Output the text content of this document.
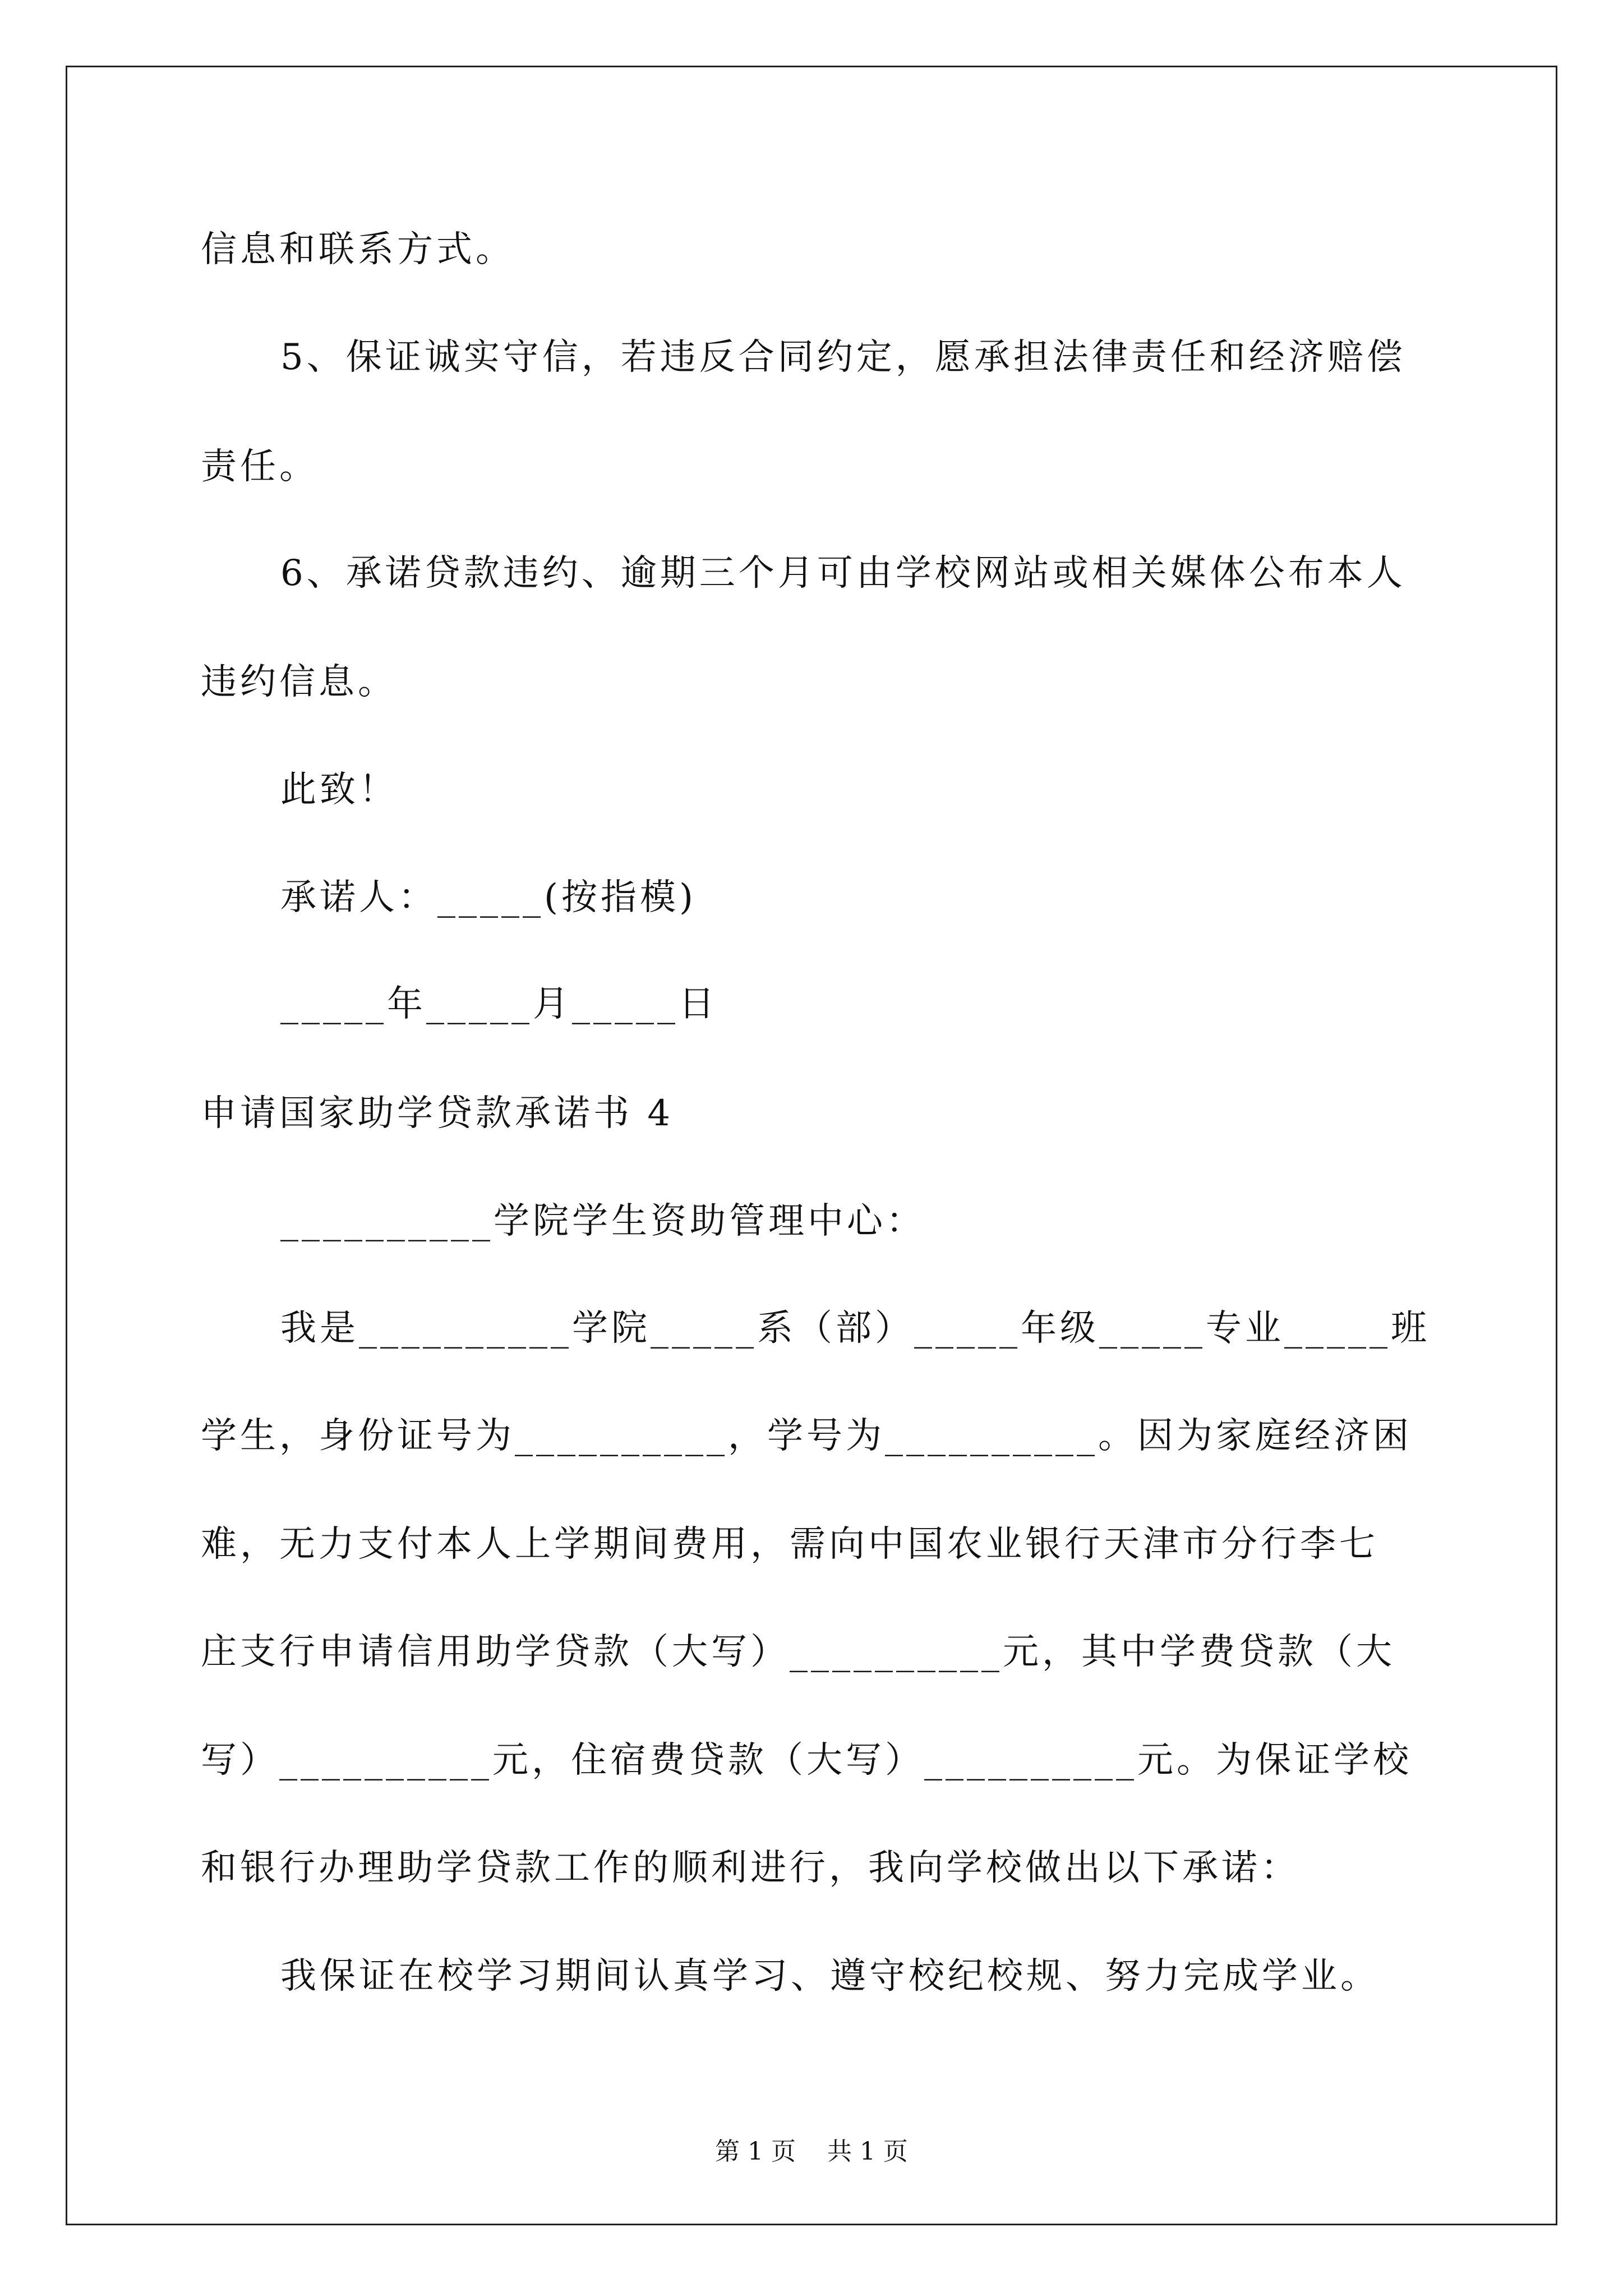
信息和联系方式。
5、保证诚实守信，若违反合同约定，愿承担法律责任和经济赔偿
责任。
6、承诺贷款违约、逾期三个月可由学校网站或相关媒体公布本人
违约信息。
此致！
承诺人：_____(按指模)
_____年_____月_____日
申请国家助学贷款承诺书 4
__________学院学生资助管理中心：
我是__________学院_____系（部）_____年级_____专业_____班
学生，身份证号为__________，学号为__________。因为家庭经济困
难，无力支付本人上学期间费用，需向中国农业银行天津市分行李七
庄支行申请信用助学贷款（大写）__________元，其中学费贷款（大
写）__________元，住宿费贷款（大写）__________元。为保证学校
和银行办理助学贷款工作的顺利进行，我向学校做出以下承诺：
我保证在校学习期间认真学习、遵守校纪校规、努力完成学业。
第 1 页    共 1 页
